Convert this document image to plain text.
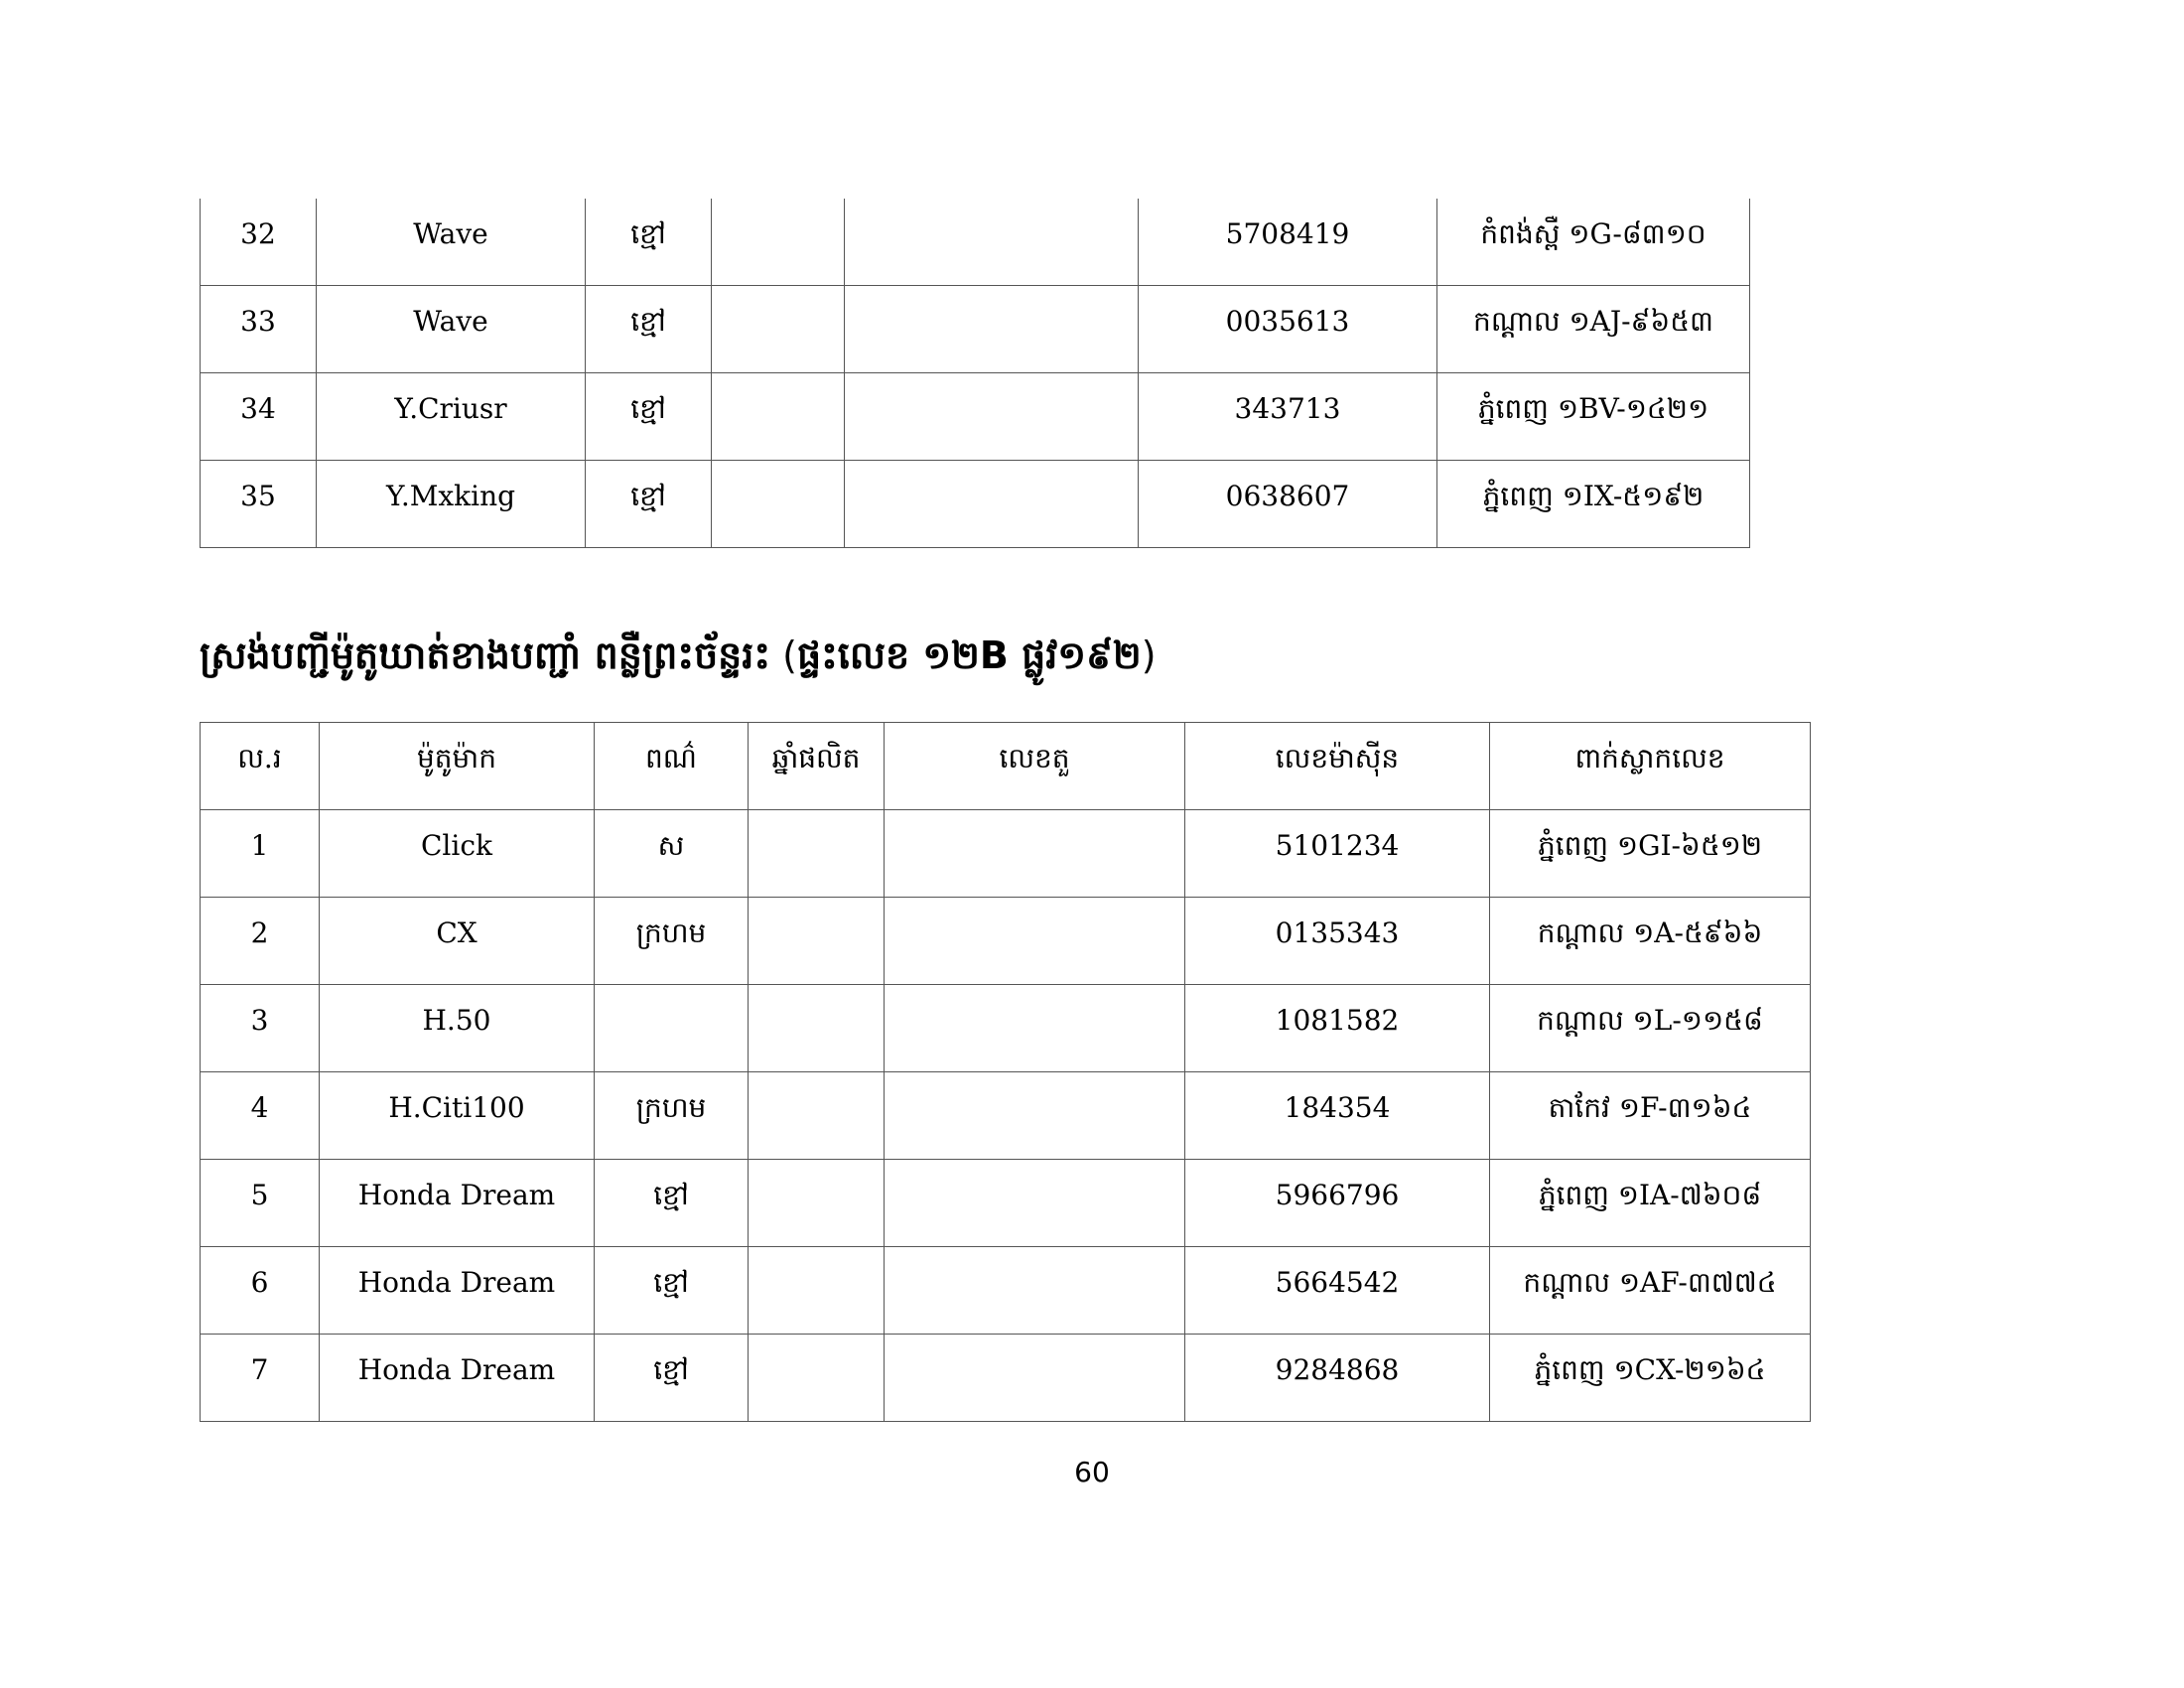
32	Wave	ខ្មៅ			5708419	កំពង់ស្ពឺ ១G-៨៣១០

33	Wave	ខ្មៅ			0035613	កណ្តាល ១AJ-៩៦៥៣

34	Y.Criusr	ខ្មៅ			343713	ភ្នំពេញ ១BV-១៤២១

35	Y.Mxking	ខ្មៅ			0638607	ភ្នំពេញ ១IX-៥១៩២
ស្រង់បញ្ជីម៉ូតូឃាត់ខាងបញ្ជាំ ពន្លឺព្រះច័ន្ទរះ (ផ្ទះលេខ ១២B ផ្លូវ១៩២)
ល.រ	ម៉ូតូម៉ាក	ពណ៌	ឆ្នាំផលិត	លេខតួ	លេខម៉ាស៊ីន	ពាក់ស្លាកលេខ

1	Click	ស			5101234	ភ្នំពេញ ១GI-៦៥១២

2	CX	ក្រហម			0135343	កណ្តាល ១A-៥៩៦៦

3	H.50				1081582	កណ្តាល ១L-១១៥៨

4	H.Citi100	ក្រហម			184354	តាកែវ ១F-៣១៦៤

5	Honda Dream	ខ្មៅ			5966796	ភ្នំពេញ ១IA-៧៦០៨

6	Honda Dream	ខ្មៅ			5664542	កណ្តាល ១AF-៣៧៧៤

7	Honda Dream	ខ្មៅ			9284868	ភ្នំពេញ ១CX-២១៦៤
60
